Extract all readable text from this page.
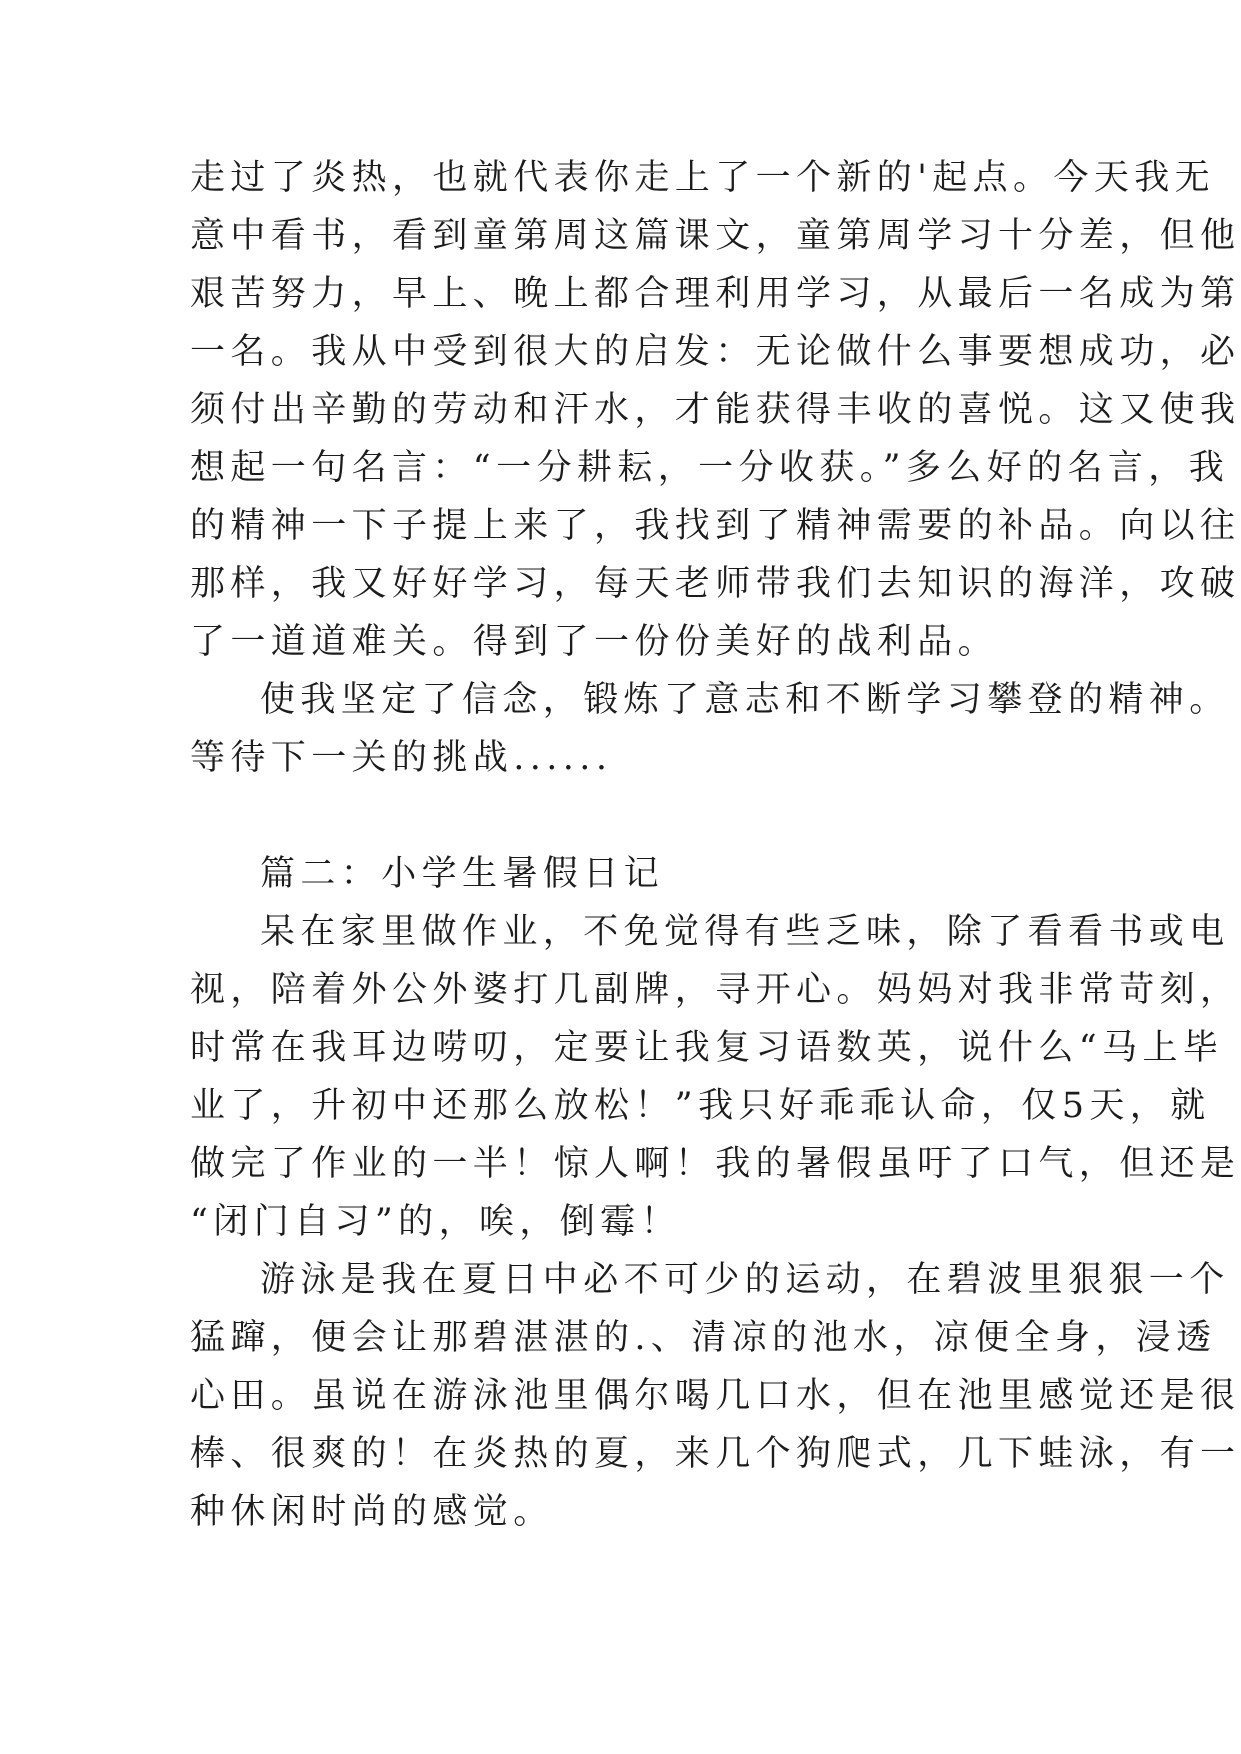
走过了炎热，也就代表你走上了一个新的'起点。今天我无
意中看书，看到童第周这篇课文，童第周学习十分差，但他
艰苦努力，早上、晚上都合理利用学习，从最后一名成为第
一名。我从中受到很大的启发：无论做什么事要想成功，必
须付出辛勤的劳动和汗水，才能获得丰收的喜悦。这又使我
想起一句名言：“一分耕耘，一分收获。”多么好的名言，我
的精神一下子提上来了，我找到了精神需要的补品。向以往
那样，我又好好学习，每天老师带我们去知识的海洋，攻破
了一道道难关。得到了一份份美好的战利品。
使我坚定了信念，锻炼了意志和不断学习攀登的精神。
等待下一关的挑战......
篇二：小学生暑假日记
呆在家里做作业，不免觉得有些乏味，除了看看书或电
视，陪着外公外婆打几副牌，寻开心。妈妈对我非常苛刻，
时常在我耳边唠叨，定要让我复习语数英，说什么“马上毕
业了，升初中还那么放松！”我只好乖乖认命，仅5天，就
做完了作业的一半！惊人啊！我的暑假虽吁了口气，但还是
“闭门自习”的，唉，倒霉！
游泳是我在夏日中必不可少的运动，在碧波里狠狠一个
猛蹿，便会让那碧湛湛的.、清凉的池水，凉便全身，浸透
心田。虽说在游泳池里偶尔喝几口水，但在池里感觉还是很
棒、很爽的！在炎热的夏，来几个狗爬式，几下蛙泳，有一
种休闲时尚的感觉。
